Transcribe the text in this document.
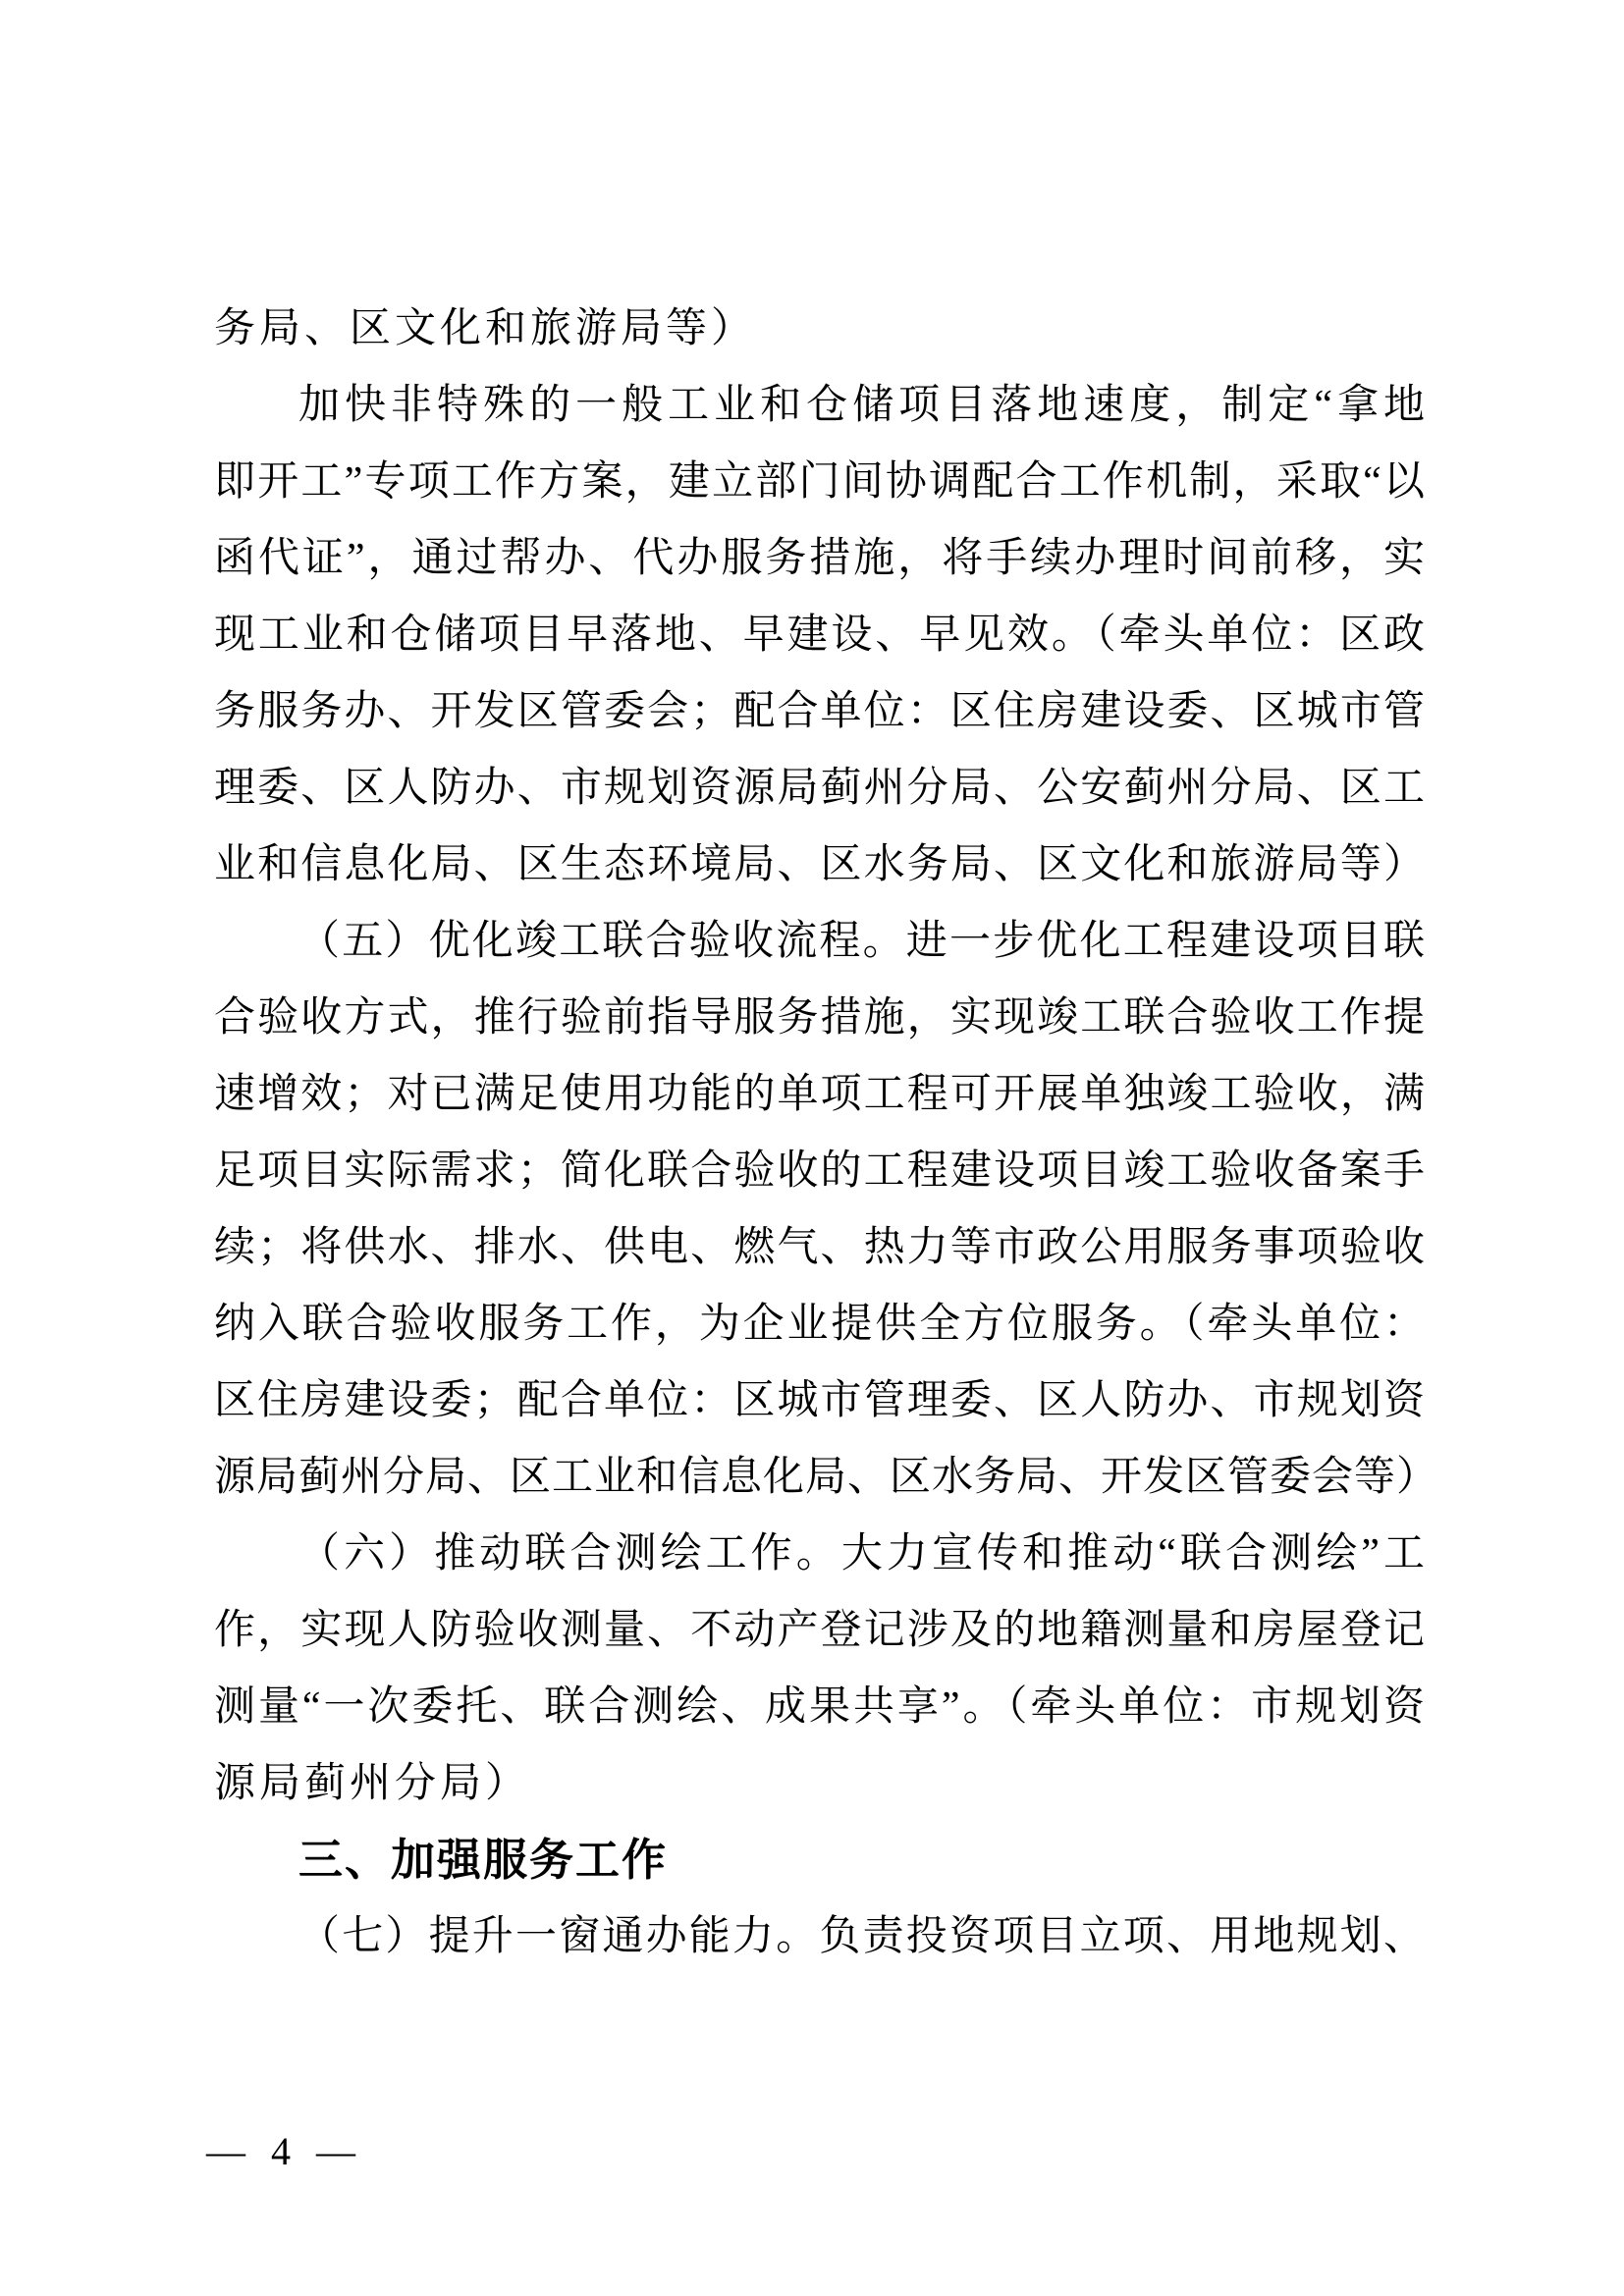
务局、区文化和旅游局等）

加快非特殊的一般工业和仓储项目落地速度，制定“拿地

即开工”专项工作方案，建立部门间协调配合工作机制，采取“以

函代证”，通过帮办、代办服务措施，将手续办理时间前移，实

现工业和仓储项目早落地、早建设、早见效。（牵头单位：区政

务服务办、开发区管委会；配合单位：区住房建设委、区城市管

理委、区人防办、市规划资源局蓟州分局、公安蓟州分局、区工

业和信息化局、区生态环境局、区水务局、区文化和旅游局等）

（五）优化竣工联合验收流程。进一步优化工程建设项目联

合验收方式，推行验前指导服务措施，实现竣工联合验收工作提

速增效；对已满足使用功能的单项工程可开展单独竣工验收，满

足项目实际需求；简化联合验收的工程建设项目竣工验收备案手

续；将供水、排水、供电、燃气、热力等市政公用服务事项验收

纳入联合验收服务工作，为企业提供全方位服务。（牵头单位：

区住房建设委；配合单位：区城市管理委、区人防办、市规划资

源局蓟州分局、区工业和信息化局、区水务局、开发区管委会等）

（六）推动联合测绘工作。大力宣传和推动“联合测绘”工

作，实现人防验收测量、不动产登记涉及的地籍测量和房屋登记

测量“一次委托、联合测绘、成果共享”。（牵头单位：市规划资

源局蓟州分局）

三、加强服务工作

（七）提升一窗通办能力。负责投资项目立项、用地规划、

— 4 —
